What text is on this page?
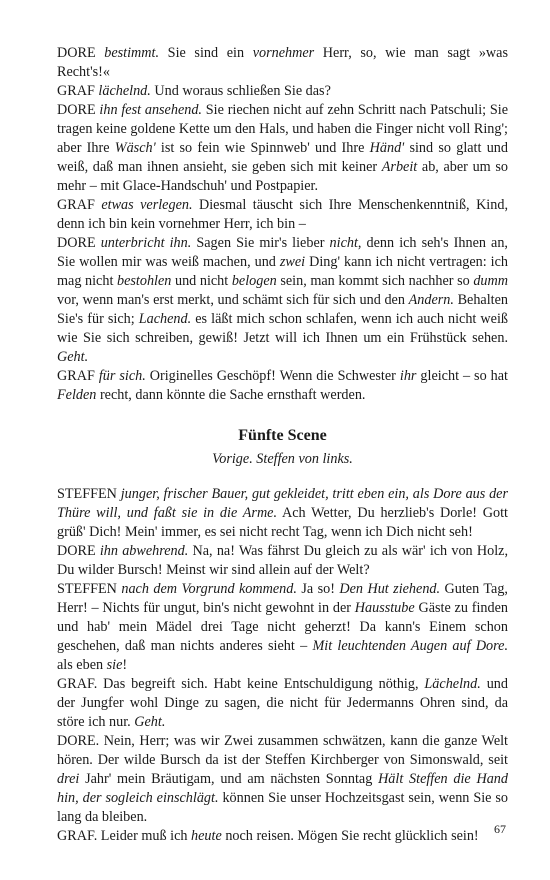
DORE bestimmt. Sie sind ein vornehmer Herr, so, wie man sagt »was Recht's!«

GRAF lächelnd. Und woraus schließen Sie das?

DORE ihn fest ansehend. Sie riechen nicht auf zehn Schritt nach Patschuli; Sie tragen keine goldene Kette um den Hals, und haben die Finger nicht voll Ring'; aber Ihre Wäsch' ist so fein wie Spinnweb' und Ihre Händ' sind so glatt und weiß, daß man ihnen ansieht, sie geben sich mit keiner Arbeit ab, aber um so mehr – mit Glace-Handschuh' und Postpapier.

GRAF etwas verlegen. Diesmal täuscht sich Ihre Menschenkenntniß, Kind, denn ich bin kein vornehmer Herr, ich bin –

DORE unterbricht ihn. Sagen Sie mir's lieber nicht, denn ich seh's Ihnen an, Sie wollen mir was weiß machen, und zwei Ding' kann ich nicht vertragen: ich mag nicht bestohlen und nicht belogen sein, man kommt sich nachher so dumm vor, wenn man's erst merkt, und schämt sich für sich und den Andern. Behalten Sie's für sich; Lachend. es läßt mich schon schlafen, wenn ich auch nicht weiß wie Sie sich schreiben, gewiß! Jetzt will ich Ihnen um ein Frühstück sehen. Geht.

GRAF für sich. Originelles Geschöpf! Wenn die Schwester ihr gleicht – so hat Felden recht, dann könnte die Sache ernsthaft werden.

Fünfte Scene
Vorige. Steffen von links.

STEFFEN junger, frischer Bauer, gut gekleidet, tritt eben ein, als Dore aus der Thüre will, und faßt sie in die Arme. Ach Wetter, Du herzlieb's Dorle! Gott grüß' Dich! Mein' immer, es sei nicht recht Tag, wenn ich Dich nicht seh!

DORE ihn abwehrend. Na, na! Was fährst Du gleich zu als wär' ich von Holz, Du wilder Bursch! Meinst wir sind allein auf der Welt?

STEFFEN nach dem Vorgrund kommend. Ja so! Den Hut ziehend. Guten Tag, Herr! – Nichts für ungut, bin's nicht gewohnt in der Hausstube Gäste zu finden und hab' mein Mädel drei Tage nicht geherzt! Da kann's Einem schon geschehen, daß man nichts anderes sieht – Mit leuchtenden Augen auf Dore. als eben sie!

GRAF. Das begreift sich. Habt keine Entschuldigung nöthig, Lächelnd. und der Jungfer wohl Dinge zu sagen, die nicht für Jedermanns Ohren sind, da störe ich nur. Geht.

DORE. Nein, Herr; was wir Zwei zusammen schwätzen, kann die ganze Welt hören. Der wilde Bursch da ist der Steffen Kirchberger von Simonswald, seit drei Jahr' mein Bräutigam, und am nächsten Sonntag Hält Steffen die Hand hin, der sogleich einschlägt. können Sie unser Hochzeitsgast sein, wenn Sie so lang da bleiben.

GRAF. Leider muß ich heute noch reisen. Mögen Sie recht glücklich sein!	67
